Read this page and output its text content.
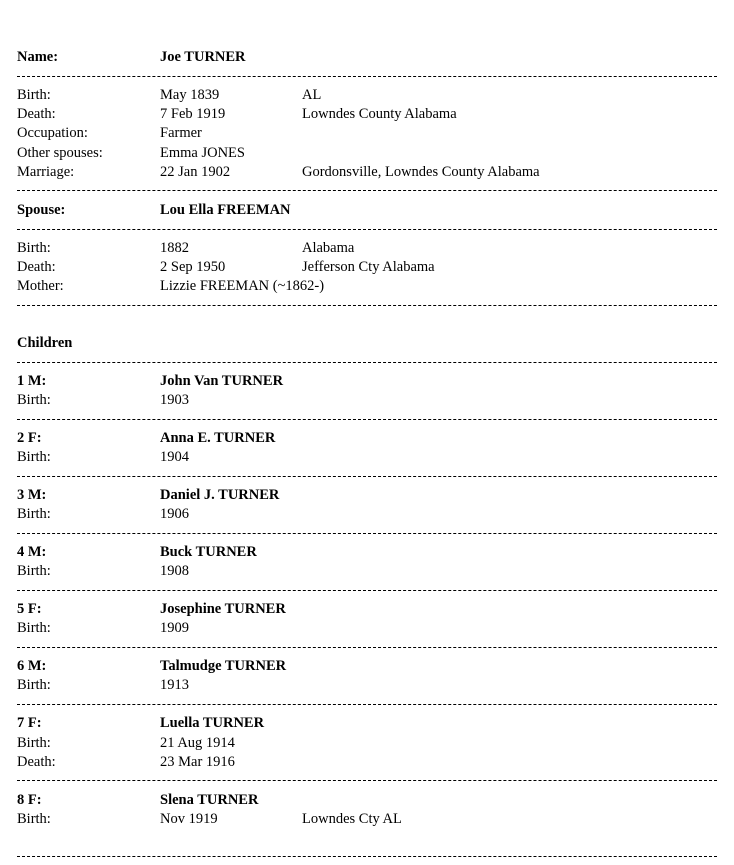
Name:	Joe TURNER
Birth:	May 1839	AL
Death:	7 Feb 1919	Lowndes County Alabama
Occupation:	Farmer
Other spouses:	Emma JONES
Marriage:	22 Jan 1902	Gordonsville, Lowndes County Alabama
Spouse:	Lou Ella FREEMAN
Birth:	1882	Alabama
Death:	2 Sep 1950	Jefferson Cty Alabama
Mother:	Lizzie FREEMAN (~1862-)
Children
1 M:	John Van TURNER
Birth:	1903
2 F:	Anna E. TURNER
Birth:	1904
3 M:	Daniel J. TURNER
Birth:	1906
4 M:	Buck TURNER
Birth:	1908
5 F:	Josephine TURNER
Birth:	1909
6 M:	Talmudge TURNER
Birth:	1913
7 F:	Luella TURNER
Birth:	21 Aug 1914
Death:	23 Mar 1916
8 F:	Slena TURNER
Birth:	Nov 1919	Lowndes Cty AL
